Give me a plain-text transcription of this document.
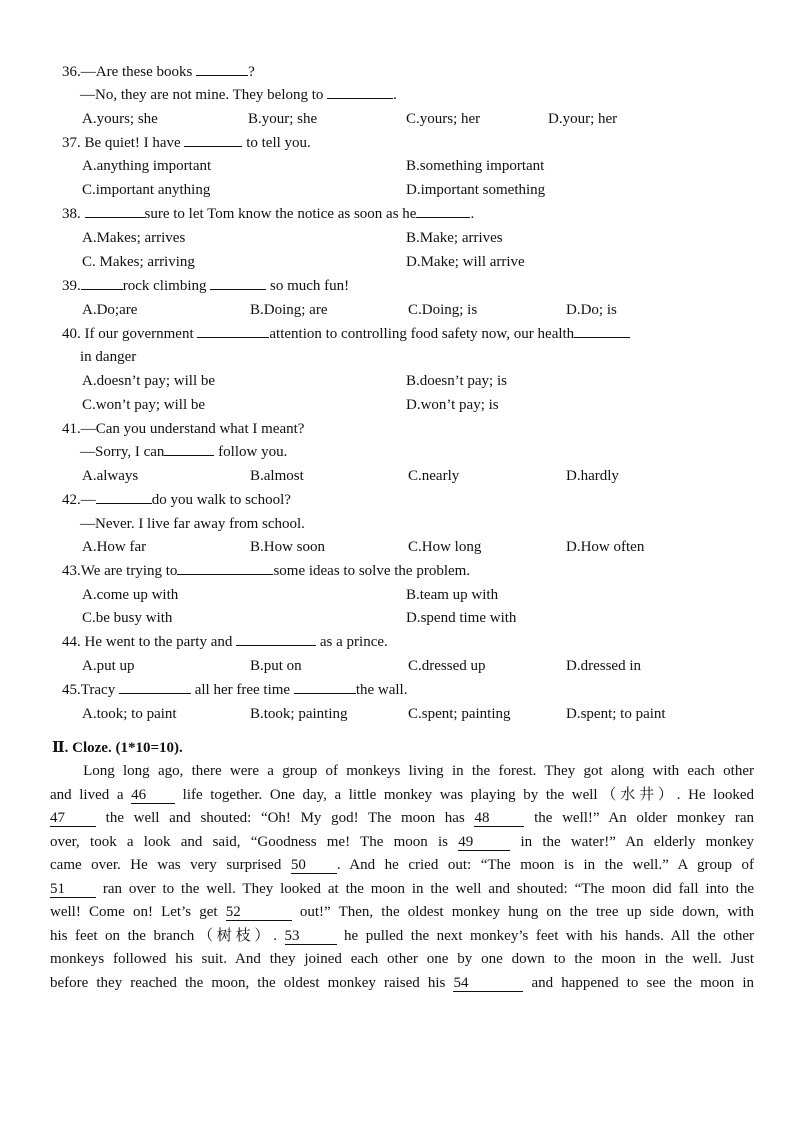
36.—Are these books	?
—No, they are not mine. They belong to	.
A.yours; she	B.your; she	C.yours; her	D.your; her
37. Be quiet! I have	to tell you.
A.anything important	B.something important
C.important anything	D.important something
38.	sure to let Tom know the notice as soon as he	.
A.Makes; arrives	B.Make; arrives
C. Makes; arriving	D.Make; will arrive
39.	rock climbing	so much fun!
A.Do;are	B.Doing; are	C.Doing; is	D.Do; is
40. If our government	attention to controlling food safety now, our health
in danger
A.doesn’t pay; will be	B.doesn’t pay; is
C.won’t pay; will be	D.won’t pay; is
41.—Can you understand what I meant?
—Sorry, I can	follow you.
A.always	B.almost	C.nearly	D.hardly
42.—	do you walk to school?
—Never. I live far away from school.
A.How far	B.How soon	C.How long	D.How often
43.We are trying to	some ideas to solve the problem.
A.come up with	B.team up with
C.be busy with	D.spend time with
44. He went to the party and	as a prince.
A.put up	B.put on	C.dressed up	D.dressed in
45.Tracy	all her free time	the wall.
A.took; to paint	B.took; painting	C.spent; painting	D.spent; to paint
Ⅱ. Cloze. (1*10=10).
Long long ago, there were a group of monkeys living in the forest. They got along with each other
and lived a 46 life together. One day, a little monkey was playing by the well（水井）. He looked
47 the well and shouted: “Oh! My god! The moon has 48 the well!” An older monkey ran
over, took a look and said, “Goodness me! The moon is 49 in the water!” An elderly monkey
came over. He was very surprised 50 . And he cried out: “The moon is in the well.” A group of
51 ran over to the well. They looked at the moon in the well and shouted: “The moon did fall into the
well! Come on! Let’s get 52	out!” Then, the oldest monkey hung on the tree up side down, with
his feet on the branch（树枝）. 53 he pulled the next monkey’s feet with his hands. All the other
monkeys followed his suit. And they joined each other one by one down to the moon in the well. Just
before they reached the moon, the oldest monkey raised his 54	and happened to see the moon in
